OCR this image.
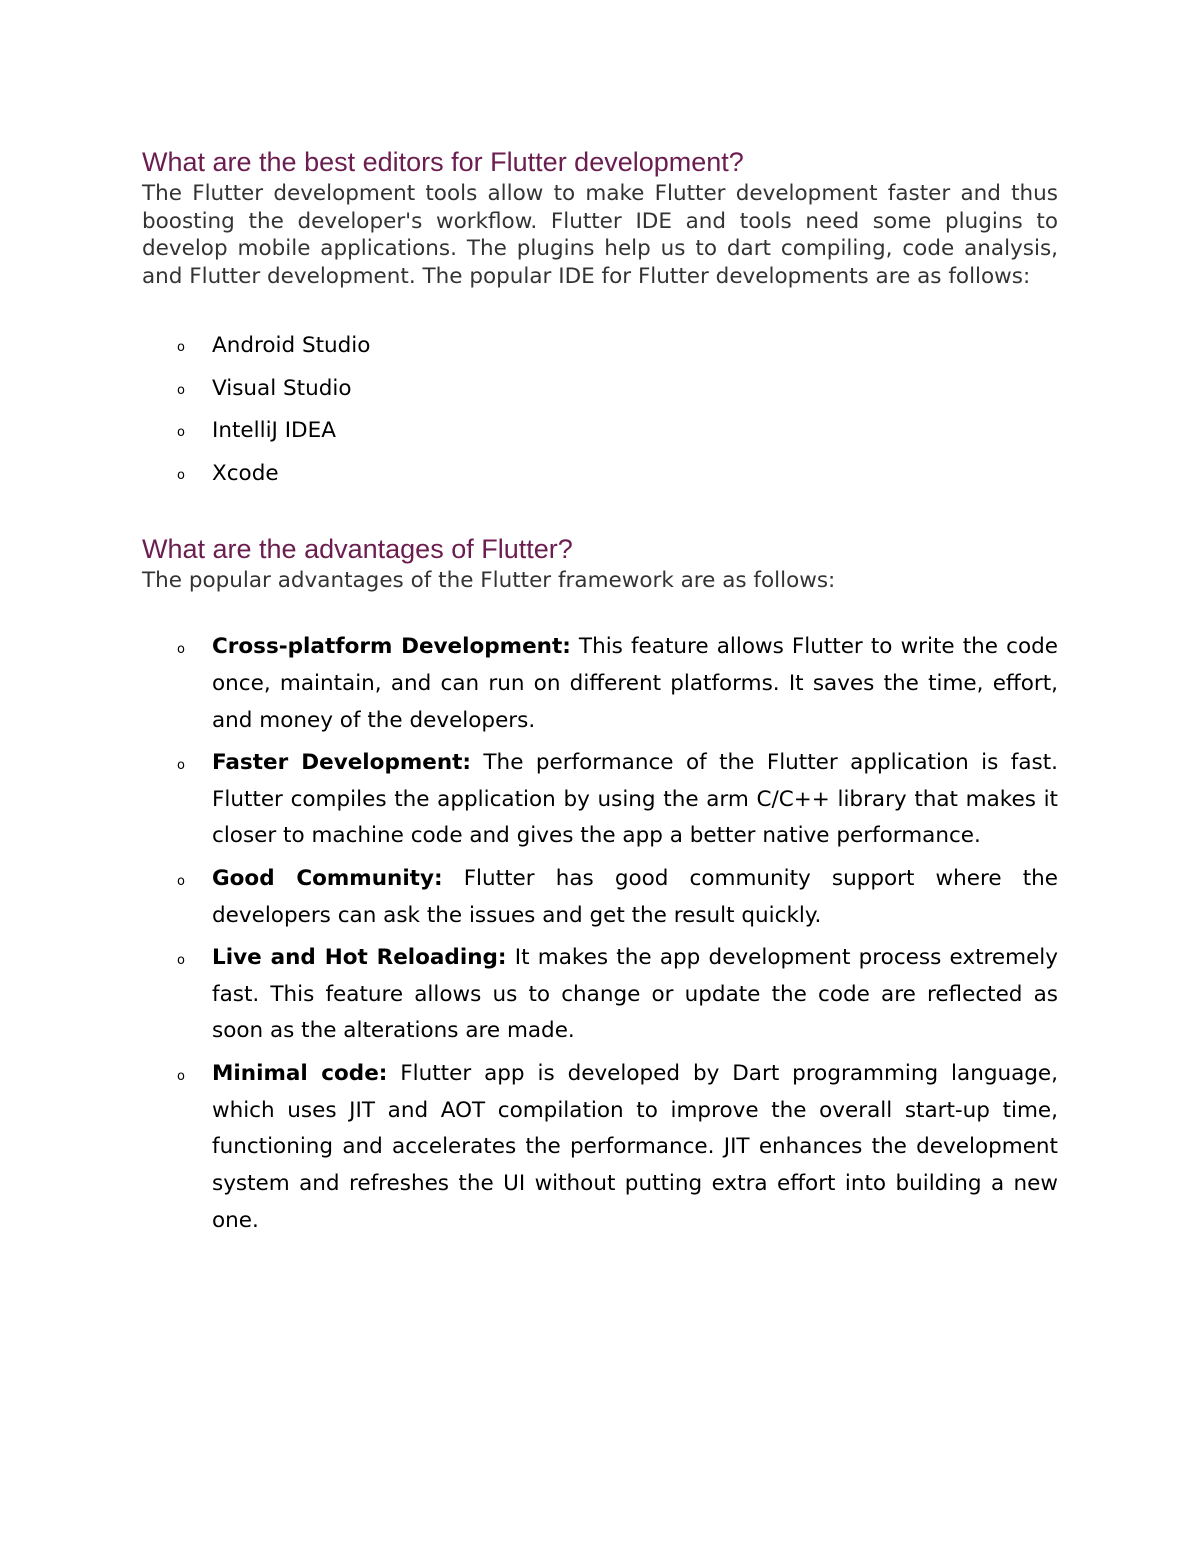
What are the best editors for Flutter development?

The Flutter development tools allow to make Flutter development faster and thus boosting the developer's workflow. Flutter IDE and tools need some plugins to develop mobile applications. The plugins help us to dart compiling, code analysis, and Flutter development. The popular IDE for Flutter developments are as follows:

o Android Studio
o Visual Studio
o IntelliJ IDEA
o Xcode
What are the advantages of Flutter?

The popular advantages of the Flutter framework are as follows:

o Cross-platform Development: This feature allows Flutter to write the code once, maintain, and can run on different platforms. It saves the time, effort, and money of the developers.
o Faster Development: The performance of the Flutter application is fast. Flutter compiles the application by using the arm C/C++ library that makes it closer to machine code and gives the app a better native performance.
o Good Community: Flutter has good community support where the developers can ask the issues and get the result quickly.
o Live and Hot Reloading: It makes the app development process extremely fast. This feature allows us to change or update the code are reflected as soon as the alterations are made.
o Minimal code: Flutter app is developed by Dart programming language, which uses JIT and AOT compilation to improve the overall start-up time, functioning and accelerates the performance. JIT enhances the development system and refreshes the UI without putting extra effort into building a new one.
